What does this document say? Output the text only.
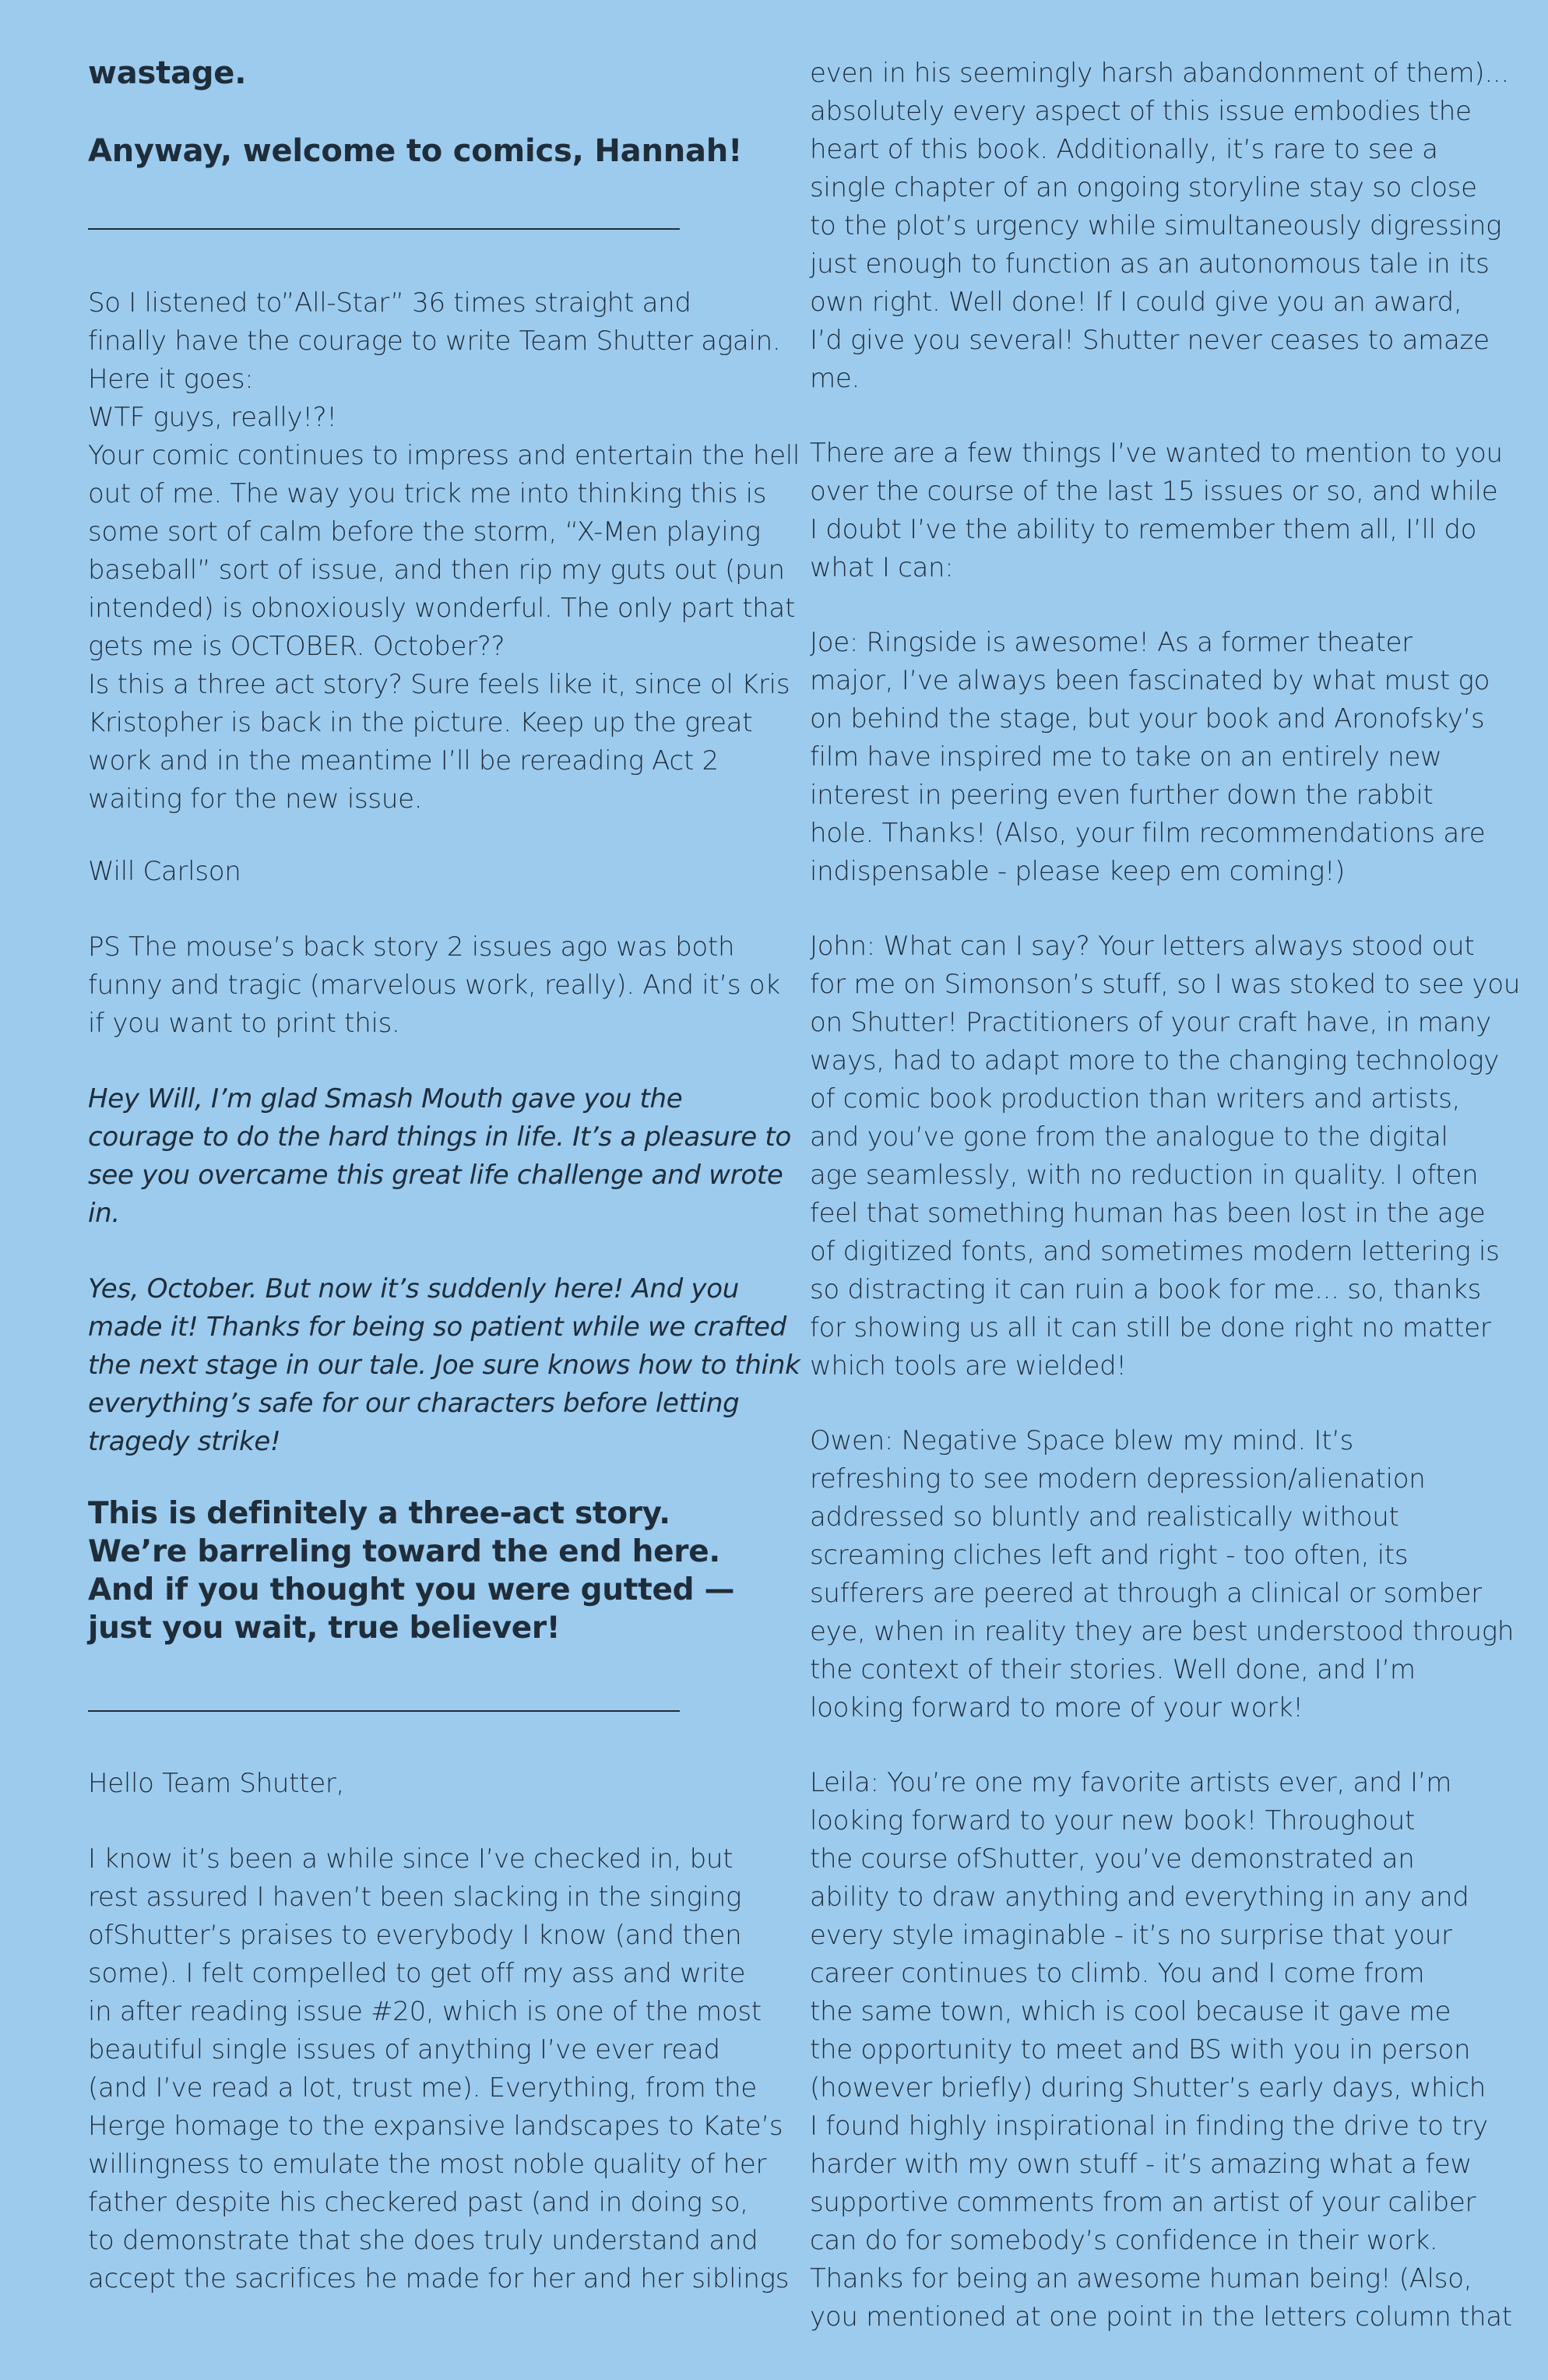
wastage.
Anyway, welcome to comics, Hannah!
So I listened to”All-Star” 36 times straight and
finally have the courage to write Team Shutter again.
Here it goes:
WTF guys, really!?!
Your comic continues to impress and entertain the hell
out of me. The way you trick me into thinking this is
some sort of calm before the storm, “X-Men playing
baseball” sort of issue, and then rip my guts out (pun
intended) is obnoxiously wonderful. The only part that
gets me is OCTOBER. October??
Is this a three act story? Sure feels like it, since ol Kris
Kristopher is back in the picture. Keep up the great
work and in the meantime I’ll be rereading Act 2
waiting for the new issue.
Will Carlson
PS The mouse’s back story 2 issues ago was both
funny and tragic (marvelous work, really). And it’s ok
if you want to print this.
Hey Will, I’m glad Smash Mouth gave you the
courage to do the hard things in life. It’s a pleasure to
see you overcame this great life challenge and wrote
in.
Yes, October. But now it’s suddenly here! And you
made it! Thanks for being so patient while we crafted
the next stage in our tale. Joe sure knows how to think
everything’s safe for our characters before letting
tragedy strike!
This is definitely a three-act story.
We’re barreling toward the end here.
And if you thought you were gutted —
just you wait, true believer!
Hello Team Shutter,
I know it’s been a while since I’ve checked in, but
rest assured I haven’t been slacking in the singing
ofShutter’s praises to everybody I know (and then
some). I felt compelled to get off my ass and write
in after reading issue #20, which is one of the most
beautiful single issues of anything I’ve ever read
(and I’ve read a lot, trust me). Everything, from the
Herge homage to the expansive landscapes to Kate’s
willingness to emulate the most noble quality of her
father despite his checkered past (and in doing so,
to demonstrate that she does truly understand and
accept the sacrifices he made for her and her siblings
even in his seemingly harsh abandonment of them)...
absolutely every aspect of this issue embodies the
heart of this book. Additionally, it’s rare to see a
single chapter of an ongoing storyline stay so close
to the plot’s urgency while simultaneously digressing
just enough to function as an autonomous tale in its
own right. Well done! If I could give you an award,
I’d give you several! Shutter never ceases to amaze
me.
There are a few things I’ve wanted to mention to you
over the course of the last 15 issues or so, and while
I doubt I’ve the ability to remember them all, I’ll do
what I can:
Joe: Ringside is awesome! As a former theater
major, I’ve always been fascinated by what must go
on behind the stage, but your book and Aronofsky’s
film have inspired me to take on an entirely new
interest in peering even further down the rabbit
hole. Thanks! (Also, your film recommendations are
indispensable - please keep em coming!)
John: What can I say? Your letters always stood out
for me on Simonson’s stuff, so I was stoked to see you
on Shutter! Practitioners of your craft have, in many
ways, had to adapt more to the changing technology
of comic book production than writers and artists,
and you’ve gone from the analogue to the digital
age seamlessly, with no reduction in quality. I often
feel that something human has been lost in the age
of digitized fonts, and sometimes modern lettering is
so distracting it can ruin a book for me... so, thanks
for showing us all it can still be done right no matter
which tools are wielded!
Owen: Negative Space blew my mind. It’s
refreshing to see modern depression/alienation
addressed so bluntly and realistically without
screaming cliches left and right - too often, its
sufferers are peered at through a clinical or somber
eye, when in reality they are best understood through
the context of their stories. Well done, and I’m
looking forward to more of your work!
Leila: You’re one my favorite artists ever, and I’m
looking forward to your new book! Throughout
the course ofShutter, you’ve demonstrated an
ability to draw anything and everything in any and
every style imaginable - it’s no surprise that your
career continues to climb. You and I come from
the same town, which is cool because it gave me
the opportunity to meet and BS with you in person
(however briefly) during Shutter’s early days, which
I found highly inspirational in finding the drive to try
harder with my own stuff - it’s amazing what a few
supportive comments from an artist of your caliber
can do for somebody’s confidence in their work.
Thanks for being an awesome human being! (Also,
you mentioned at one point in the letters column that
